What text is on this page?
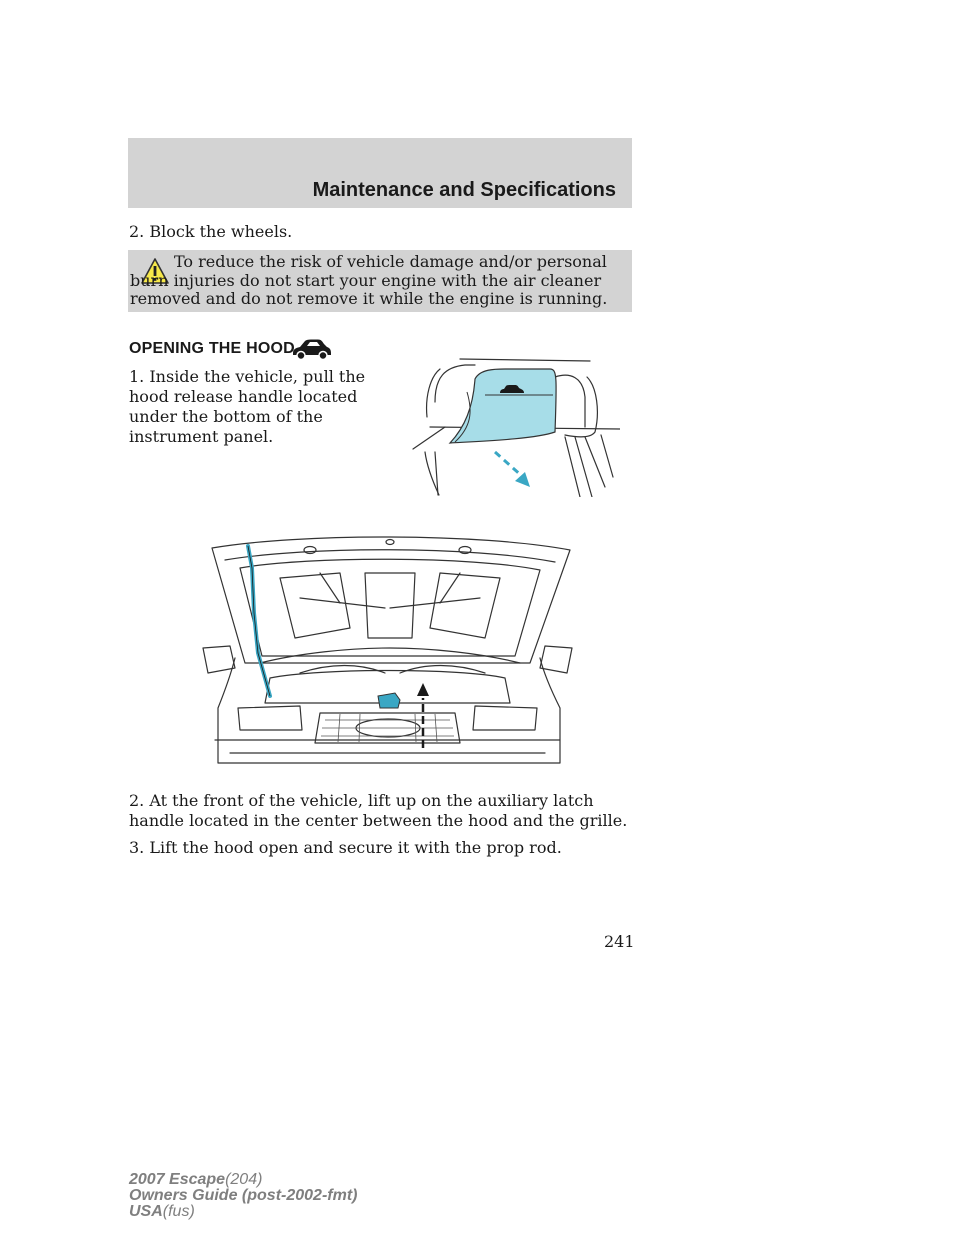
Maintenance and Specifications
2. Block the wheels.
To reduce the risk of vehicle damage and/or personal burn injuries do not start your engine with the air cleaner removed and do not remove it while the engine is running.
OPENING THE HOOD
1. Inside the vehicle, pull the hood release handle located under the bottom of the instrument panel.
2. At the front of the vehicle, lift up on the auxiliary latch handle located in the center between the hood and the grille.
3. Lift the hood open and secure it with the prop rod.
241
2007 Escape(204)
Owners Guide (post-2002-fmt)
USA(fus)
